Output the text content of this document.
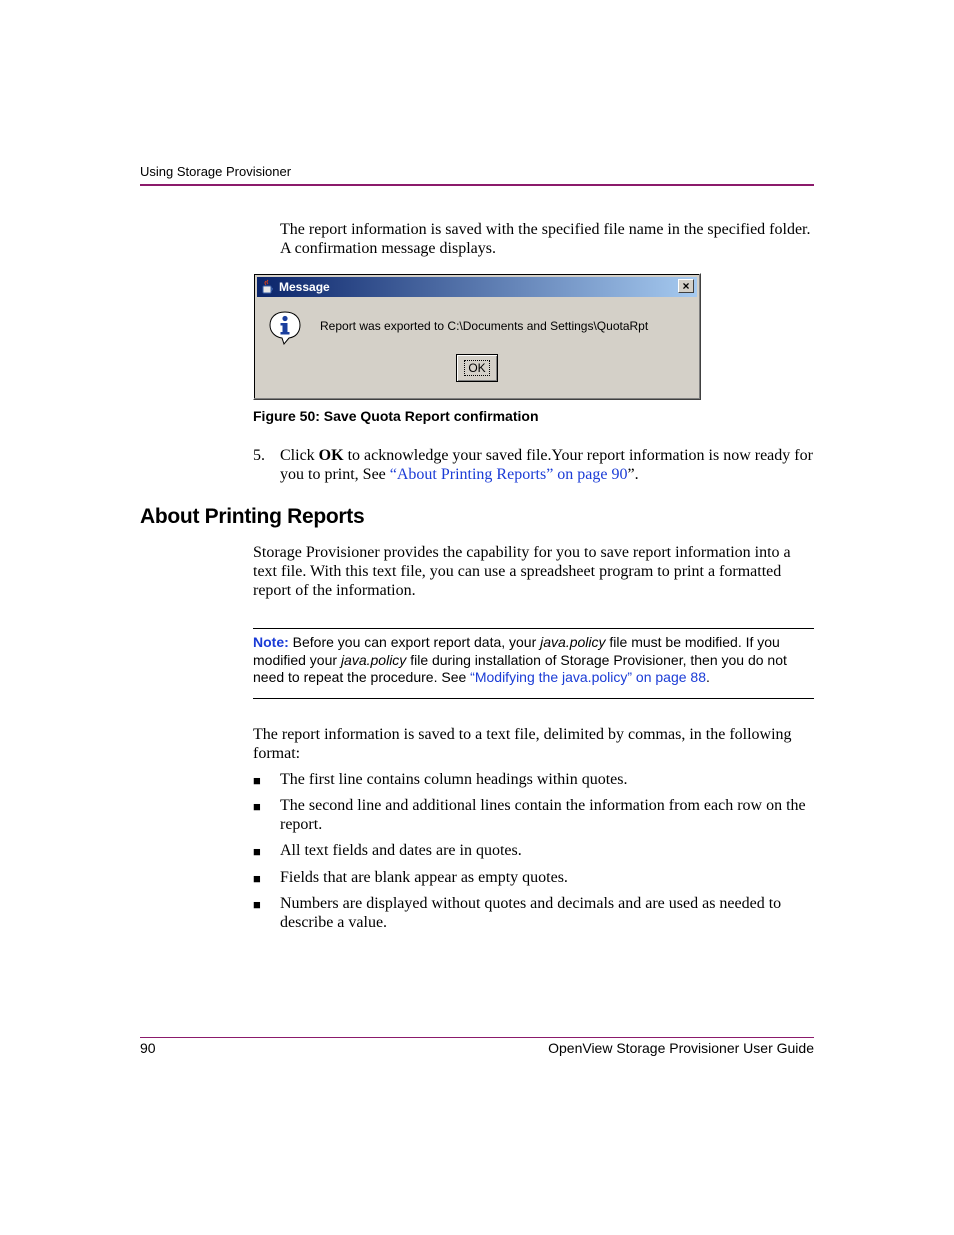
Using Storage Provisioner
The report information is saved with the specified file name in the specified folder. A confirmation message displays.
Message	×
Report was exported to C:\Documents and Settings\QuotaRpt
OK
Figure 50: Save Quota Report confirmation
5. Click OK to acknowledge your saved file.Your report information is now ready for you to print, See “About Printing Reports” on page 90”.
About Printing Reports
Storage Provisioner provides the capability for you to save report information into a text file. With this text file, you can use a spreadsheet program to print a formatted report of the information.
Note: Before you can export report data, your java.policy file must be modified. If you modified your java.policy file during installation of Storage Provisioner, then you do not need to repeat the procedure. See “Modifying the java.policy” on page 88.
The report information is saved to a text file, delimited by commas, in the following format:
■ The first line contains column headings within quotes.
■ The second line and additional lines contain the information from each row on the report.
■ All text fields and dates are in quotes.
■ Fields that are blank appear as empty quotes.
■ Numbers are displayed without quotes and decimals and are used as needed to describe a value.
90	OpenView Storage Provisioner User Guide
